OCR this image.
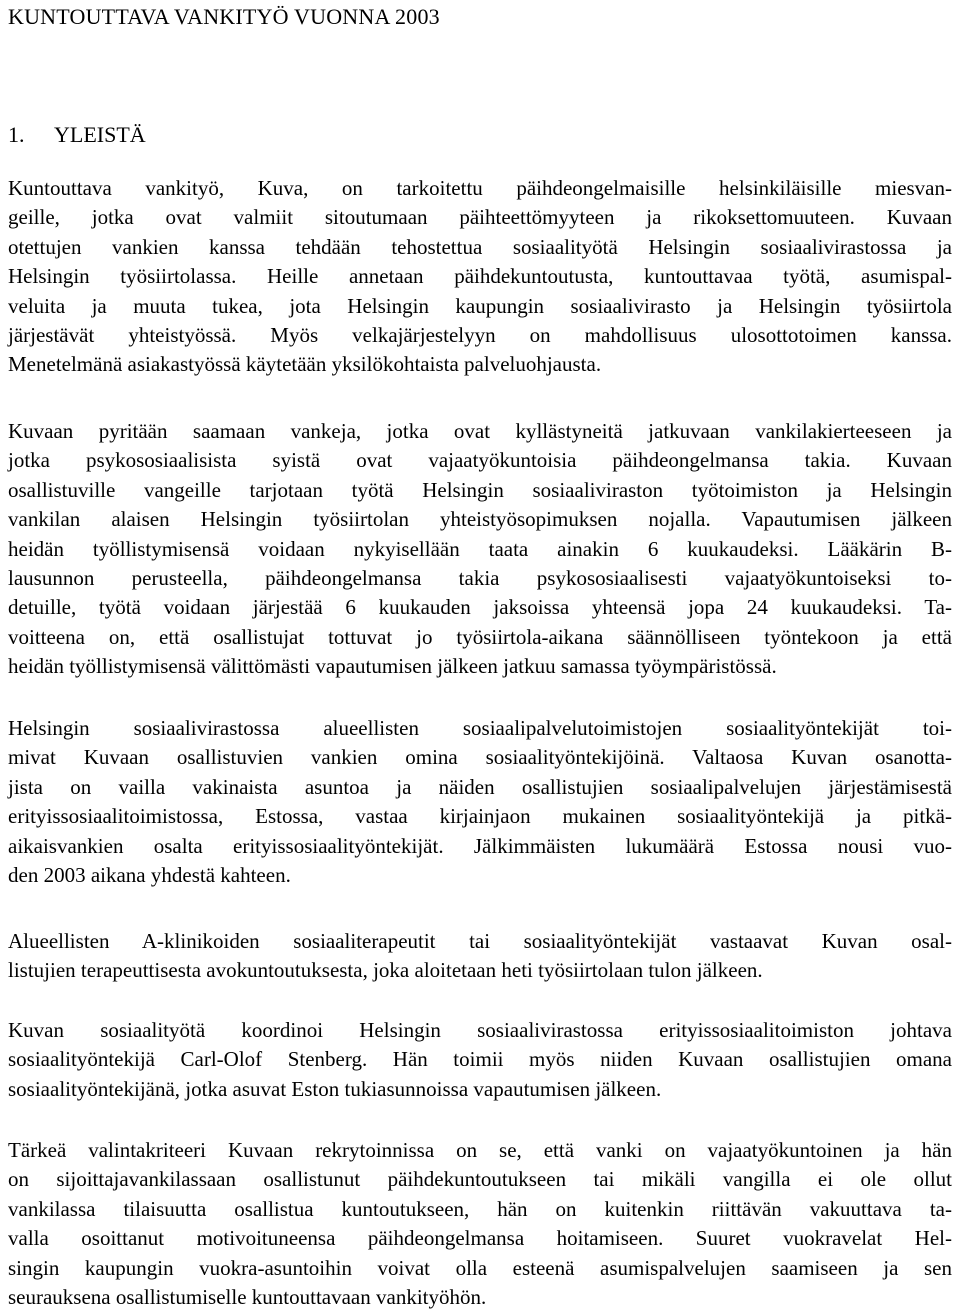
KUNTOUTTAVA VANKITYÖ VUONNA 2003
1. YLEISTÄ
Kuntouttava vankityö, Kuva, on tarkoitettu päihdeongelmaisille helsinkiläisille miesvan-
geille, jotka ovat valmiit sitoutumaan päihteettömyyteen ja rikoksettomuuteen. Kuvaan
otettujen vankien kanssa tehdään tehostettua sosiaalityötä Helsingin sosiaalivirastossa ja
Helsingin työsiirtolassa. Heille annetaan päihdekuntoutusta, kuntouttavaa työtä, asumispal-
veluita ja muuta tukea, jota Helsingin kaupungin sosiaalivirasto ja Helsingin työsiirtola
järjestävät yhteistyössä. Myös velkajärjestelyyn on mahdollisuus ulosottotoimen kanssa.
Menetelmänä asiakastyössä käytetään yksilökohtaista palveluohjausta.
Kuvaan pyritään saamaan vankeja, jotka ovat kyllästyneitä jatkuvaan vankilakierteeseen ja
jotka psykososiaalisista syistä ovat vajaatyökuntoisia päihdeongelmansa takia. Kuvaan
osallistuville vangeille tarjotaan työtä Helsingin sosiaaliviraston työtoimiston ja Helsingin
vankilan alaisen Helsingin työsiirtolan yhteistyösopimuksen nojalla. Vapautumisen jälkeen
heidän työllistymisensä voidaan nykyisellään taata ainakin 6 kuukaudeksi. Lääkärin B-
lausunnon perusteella, päihdeongelmansa takia psykososiaalisesti vajaatyökuntoiseksi to-
detuille, työtä voidaan järjestää 6 kuukauden jaksoissa yhteensä jopa 24 kuukaudeksi. Ta-
voitteena on, että osallistujat tottuvat jo työsiirtola-aikana säännölliseen työntekoon ja että
heidän työllistymisensä välittömästi vapautumisen jälkeen jatkuu samassa työympäristössä.
Helsingin sosiaalivirastossa alueellisten sosiaalipalvelutoimistojen sosiaalityöntekijät toi-
mivat Kuvaan osallistuvien vankien omina sosiaalityöntekijöinä. Valtaosa Kuvan osanotta-
jista on vailla vakinaista asuntoa ja näiden osallistujien sosiaalipalvelujen järjestämisestä
erityissosiaalitoimistossa, Estossa, vastaa kirjainjaon mukainen sosiaalityöntekijä ja pitkä-
aikaisvankien osalta erityissosiaalityöntekijät. Jälkimmäisten lukumäärä Estossa nousi vuo-
den 2003 aikana yhdestä kahteen.
Alueellisten A-klinikoiden sosiaaliterapeutit tai sosiaalityöntekijät vastaavat Kuvan osal-
listujien terapeuttisesta avokuntoutuksesta, joka aloitetaan heti työsiirtolaan tulon jälkeen.
Kuvan sosiaalityötä koordinoi Helsingin sosiaalivirastossa erityissosiaalitoimiston johtava
sosiaalityöntekijä Carl-Olof Stenberg. Hän toimii myös niiden Kuvaan osallistujien omana
sosiaalityöntekijänä, jotka asuvat Eston tukiasunnoissa vapautumisen jälkeen.
Tärkeä valintakriteeri Kuvaan rekrytoinnissa on se, että vanki on vajaatyökuntoinen ja hän
on sijoittajavankilassaan osallistunut päihdekuntoutukseen tai mikäli vangilla ei ole ollut
vankilassa tilaisuutta osallistua kuntoutukseen, hän on kuitenkin riittävän vakuuttava ta-
valla osoittanut motivoituneensa päihdeongelmansa hoitamiseen. Suuret vuokravelat Hel-
singin kaupungin vuokra-asuntoihin voivat olla esteenä asumispalvelujen saamiseen ja sen
seurauksena osallistumiselle kuntouttavaan vankityöhön.
